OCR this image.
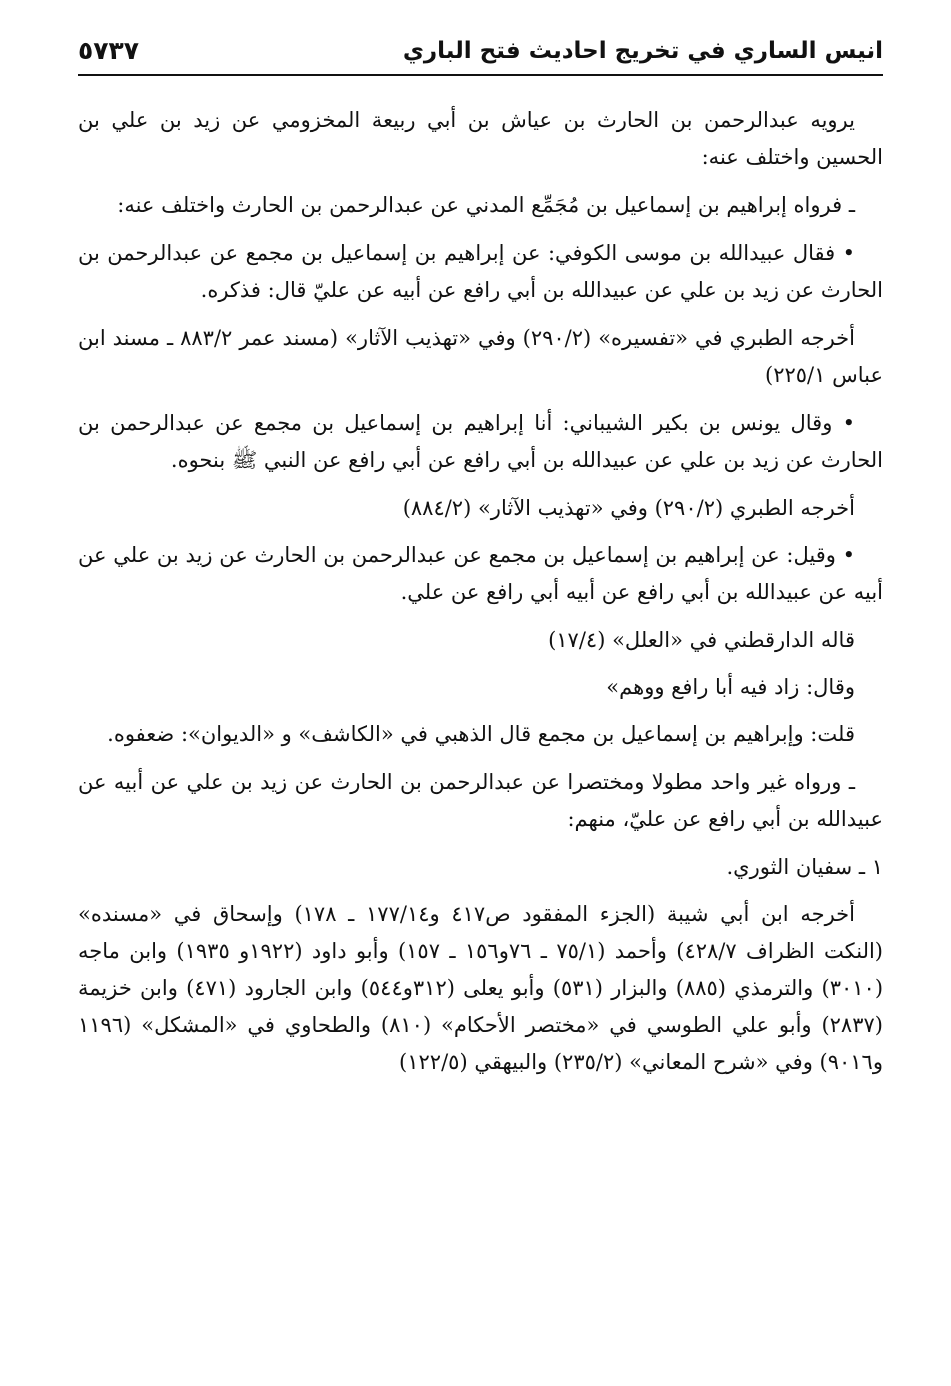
انيس الساري في تخريج احاديث فتح الباري
٥٧٣٧

يرويه عبدالرحمن بن الحارث بن عياش بن أبي ربيعة المخزومي عن زيد بن علي بن الحسين واختلف عنه:

ـ فرواه إبراهيم بن إسماعيل بن مُجَمِّع المدني عن عبدالرحمن بن الحارث واختلف عنه:

• فقال عبيدالله بن موسى الكوفي: عن إبراهيم بن إسماعيل بن مجمع عن عبدالرحمن بن الحارث عن زيد بن علي عن عبيدالله بن أبي رافع عن أبيه عن عليّ قال: فذكره.

أخرجه الطبري في «تفسيره» (٢٩٠/٢) وفي «تهذيب الآثار» (مسند عمر ٨٨٣/٢ ـ مسند ابن عباس ٢٢٥/١)

• وقال يونس بن بكير الشيباني: أنا إبراهيم بن إسماعيل بن مجمع عن عبدالرحمن بن الحارث عن زيد بن علي عن عبيدالله بن أبي رافع عن أبي رافع عن النبي ﷺ بنحوه.

أخرجه الطبري (٢٩٠/٢) وفي «تهذيب الآثار» (٨٨٤/٢)

• وقيل: عن إبراهيم بن إسماعيل بن مجمع عن عبدالرحمن بن الحارث عن زيد بن علي عن أبيه عن عبيدالله بن أبي رافع عن أبيه أبي رافع عن علي.

قاله الدارقطني في «العلل» (١٧/٤)

وقال: زاد فيه أبا رافع ووهم»

قلت: وإبراهيم بن إسماعيل بن مجمع قال الذهبي في «الكاشف» و «الديوان»: ضعفوه.

ـ ورواه غير واحد مطولا ومختصرا عن عبدالرحمن بن الحارث عن زيد بن علي عن أبيه عن عبيدالله بن أبي رافع عن عليّ، منهم:

١ ـ سفيان الثوري.

أخرجه ابن أبي شيبة (الجزء المفقود ص٤١٧ و١٧٧/١٤ ـ ١٧٨) وإسحاق في «مسنده» (النكت الظراف ٤٢٨/٧) وأحمد (٧٥/١ ـ ٧٦و١٥٦ ـ ١٥٧) وأبو داود (١٩٢٢و ١٩٣٥) وابن ماجه (٣٠١٠) والترمذي (٨٨٥) والبزار (٥٣١) وأبو يعلى (٣١٢و٥٤٤) وابن الجارود (٤٧١) وابن خزيمة (٢٨٣٧) وأبو علي الطوسي في «مختصر الأحكام» (٨١٠) والطحاوي في «المشكل» (١١٩٦ و٩٠١٦) وفي «شرح المعاني» (٢٣٥/٢) والبيهقي (١٢٢/٥)
